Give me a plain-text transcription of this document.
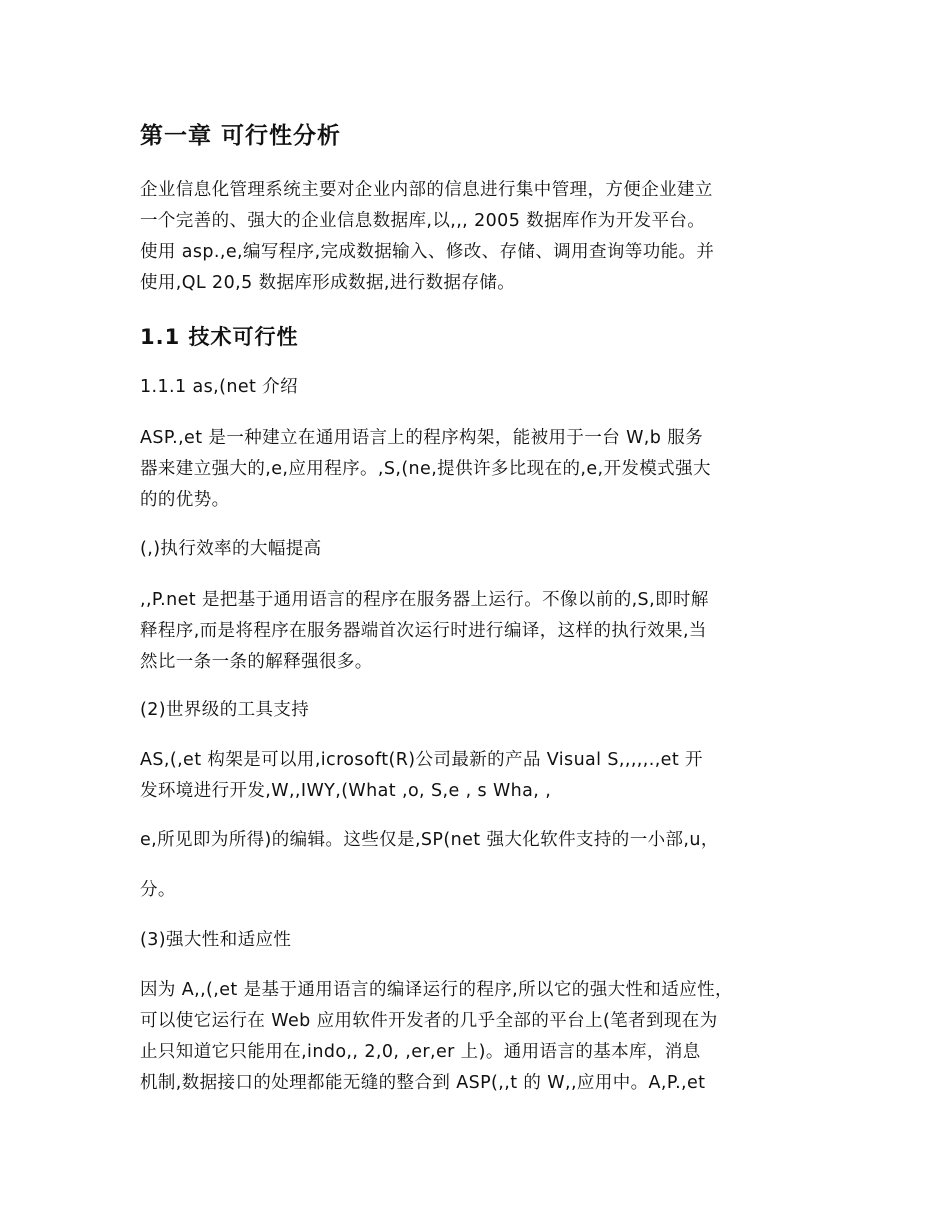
第一章 可行性分析
企业信息化管理系统主要对企业内部的信息进行集中管理，方便企业建立
一个完善的、强大的企业信息数据库,以,,, 2005 数据库作为开发平台。
使用 asp.,e,编写程序,完成数据输入、修改、存储、调用查询等功能。并
使用,QL 20,5 数据库形成数据,进行数据存储。
1.1 技术可行性
1.1.1 as,(net 介绍
ASP.,et 是一种建立在通用语言上的程序构架，能被用于一台 W,b 服务
器来建立强大的,e,应用程序。,S,(ne,提供许多比现在的,e,开发模式强大
的的优势。
(,)执行效率的大幅提高
,,P.net 是把基于通用语言的程序在服务器上运行。不像以前的,S,即时解
释程序,而是将程序在服务器端首次运行时进行编译，这样的执行效果,当
然比一条一条的解释强很多。
(2)世界级的工具支持
AS,(,et 构架是可以用,icrosoft(R)公司最新的产品 Visual S,,,,,.,et 开
发环境进行开发,W,,IWY,(What ,o, S,e , s Wha, ,
e,所见即为所得)的编辑。这些仅是,SP(net 强大化软件支持的一小部,u，
分。
(3)强大性和适应性
因为 A,,(,et 是基于通用语言的编译运行的程序,所以它的强大性和适应性，
可以使它运行在 Web 应用软件开发者的几乎全部的平台上(笔者到现在为
止只知道它只能用在,indo,, 2,0, ,er,er 上)。通用语言的基本库，消息
机制,数据接口的处理都能无缝的整合到 ASP(,,t 的 W,,应用中。A,P.,et
